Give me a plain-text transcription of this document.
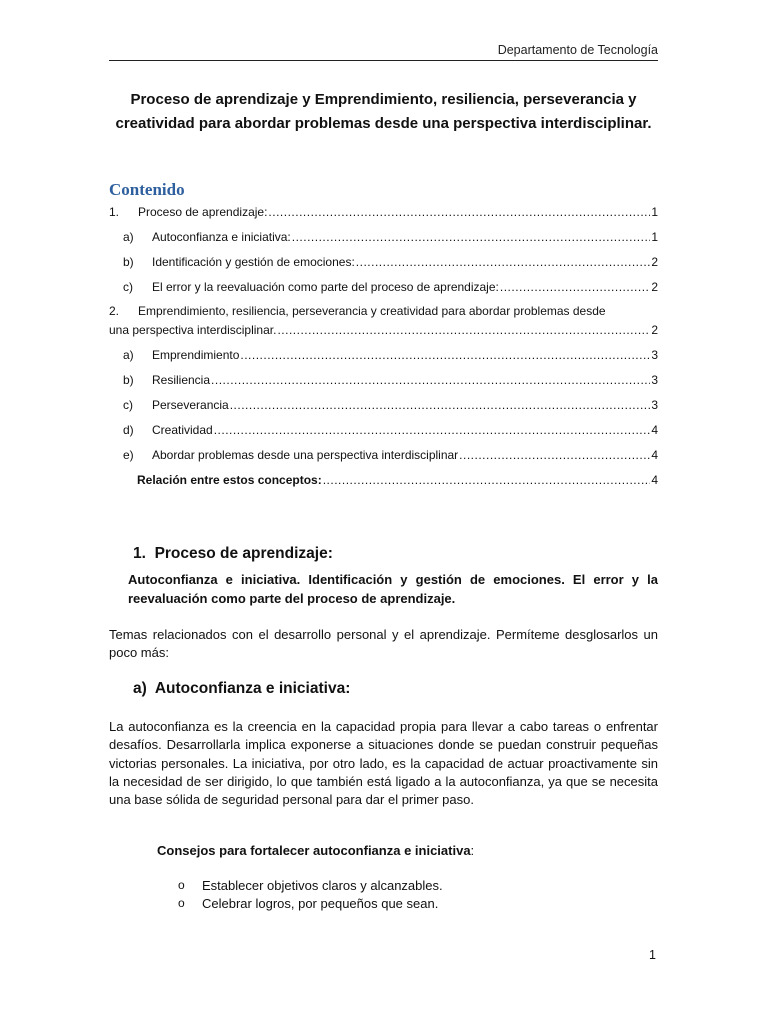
Departamento de Tecnología
Proceso de aprendizaje y Emprendimiento, resiliencia, perseverancia y creatividad para abordar problemas desde una perspectiva interdisciplinar.
Contenido
1.	Proceso de aprendizaje: .....	1
a)	Autoconfianza e iniciativa: .....	1
b)	Identificación y gestión de emociones: .....	2
c)	El error y la reevaluación como parte del proceso de aprendizaje: .....	2
2. Emprendimiento, resiliencia, perseverancia y creatividad para abordar problemas desde
una perspectiva interdisciplinar. .....	2
a)	Emprendimiento .....	3
b)	Resiliencia .....	3
c)	Perseverancia .....	3
d)	Creatividad .....	4
e)	Abordar problemas desde una perspectiva interdisciplinar .....	4
Relación entre estos conceptos: .....	4
1. Proceso de aprendizaje:
Autoconfianza e iniciativa. Identificación y gestión de emociones. El error y la reevaluación como parte del proceso de aprendizaje.
Temas relacionados con el desarrollo personal y el aprendizaje. Permíteme desglosarlos un poco más:
a) Autoconfianza e iniciativa:
La autoconfianza es la creencia en la capacidad propia para llevar a cabo tareas o enfrentar desafíos. Desarrollarla implica exponerse a situaciones donde se puedan construir pequeñas victorias personales. La iniciativa, por otro lado, es la capacidad de actuar proactivamente sin la necesidad de ser dirigido, lo que también está ligado a la autoconfianza, ya que se necesita una base sólida de seguridad personal para dar el primer paso.
Consejos para fortalecer autoconfianza e iniciativa:
o Establecer objetivos claros y alcanzables.
o Celebrar logros, por pequeños que sean.
1
